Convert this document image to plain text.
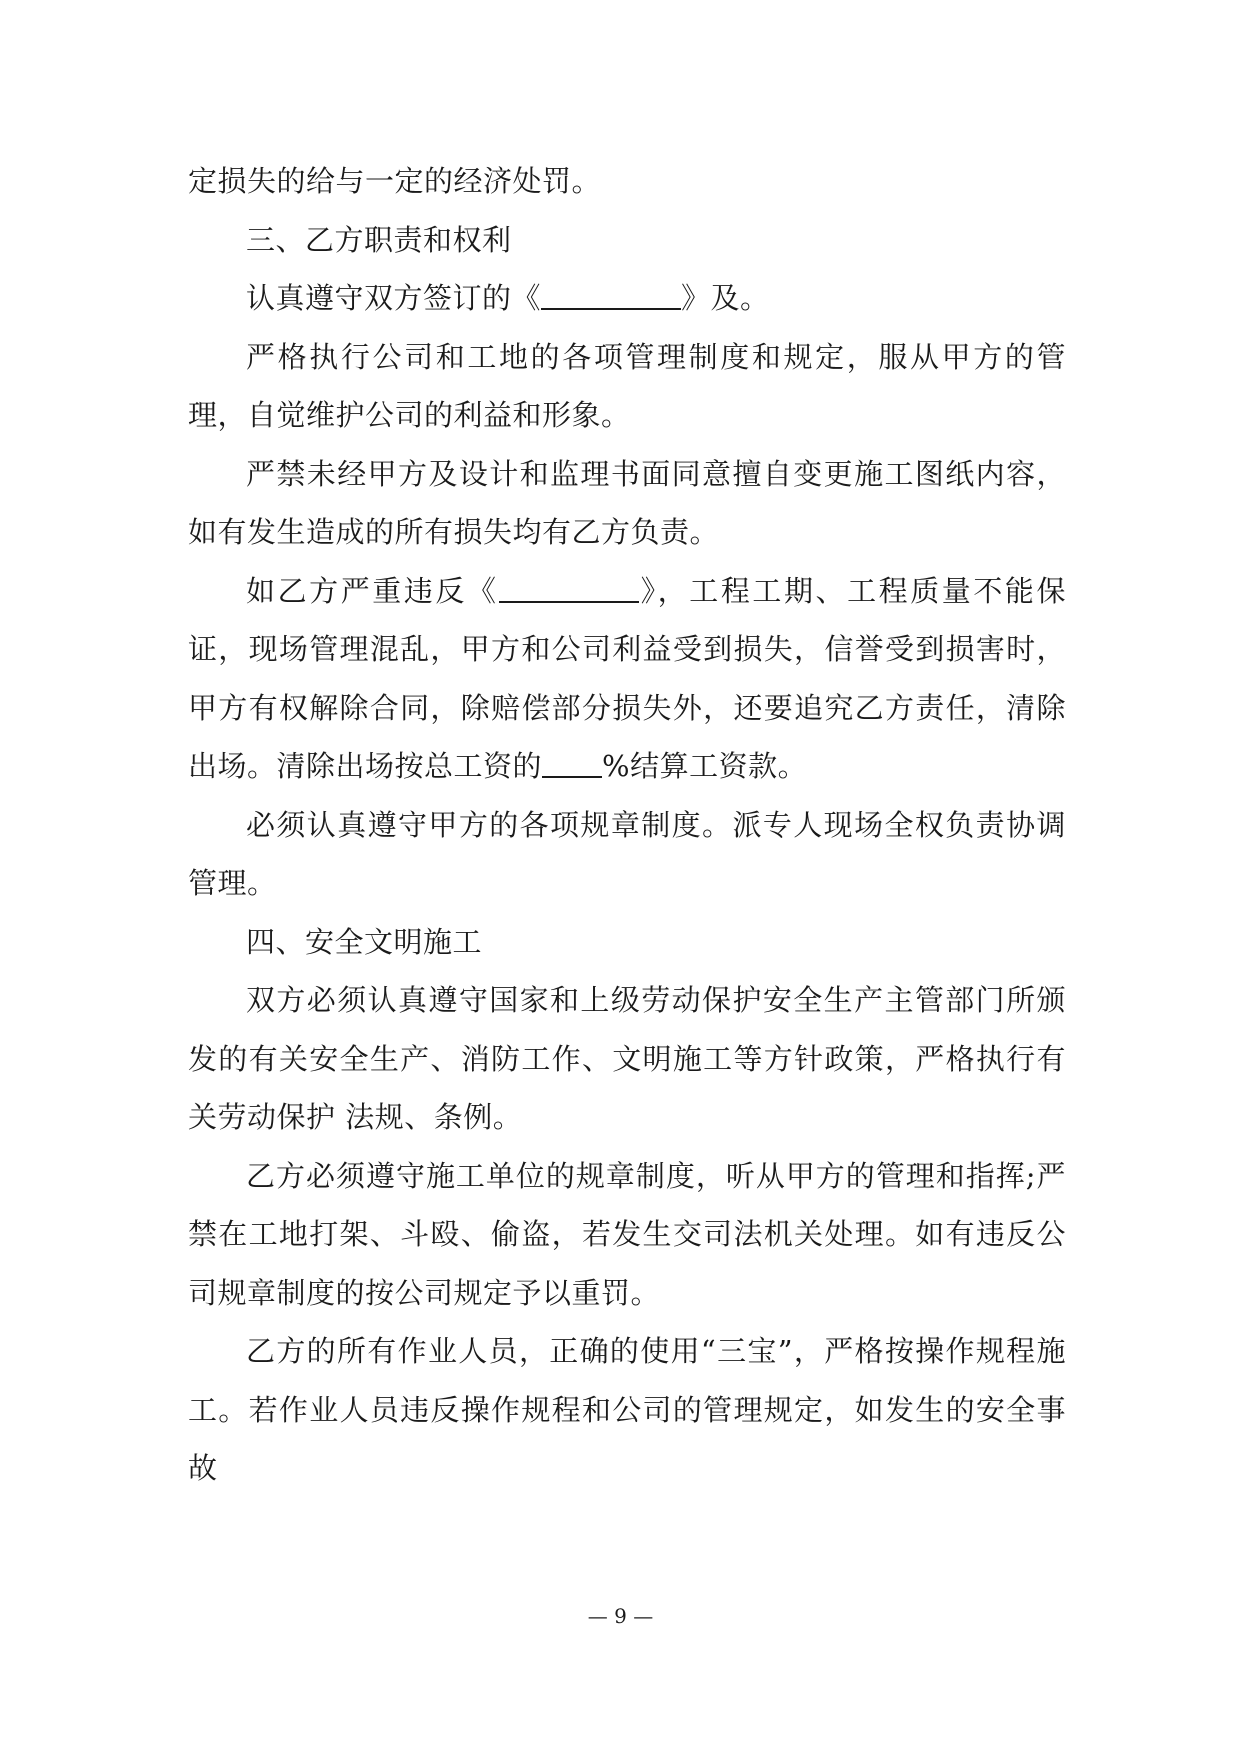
定损失的给与一定的经济处罚。

三、乙方职责和权利

认真遵守双方签订的《	》及。

严格执行公司和工地的各项管理制度和规定，服从甲方的管理，自觉维护公司的利益和形象。

严禁未经甲方及设计和监理书面同意擅自变更施工图纸内容，如有发生造成的所有损失均有乙方负责。

如乙方严重违反《	》，工程工期、工程质量不能保证，现场管理混乱，甲方和公司利益受到损失，信誉受到损害时，甲方有权解除合同，除赔偿部分损失外，还要追究乙方责任，清除出场。清除出场按总工资的 %结算工资款。

必须认真遵守甲方的各项规章制度。派专人现场全权负责协调管理。

四、安全文明施工

双方必须认真遵守国家和上级劳动保护安全生产主管部门所颁发的有关安全生产、消防工作、文明施工等方针政策，严格执行有关劳动保护 法规、条例。

乙方必须遵守施工单位的规章制度，听从甲方的管理和指挥;严禁在工地打架、斗殴、偷盗，若发生交司法机关处理。如有违反公司规章制度的按公司规定予以重罚。

乙方的所有作业人员，正确的使用“三宝”，严格按操作规程施工。若作业人员违反操作规程和公司的管理规定，如发生的安全事故

— 9 —
